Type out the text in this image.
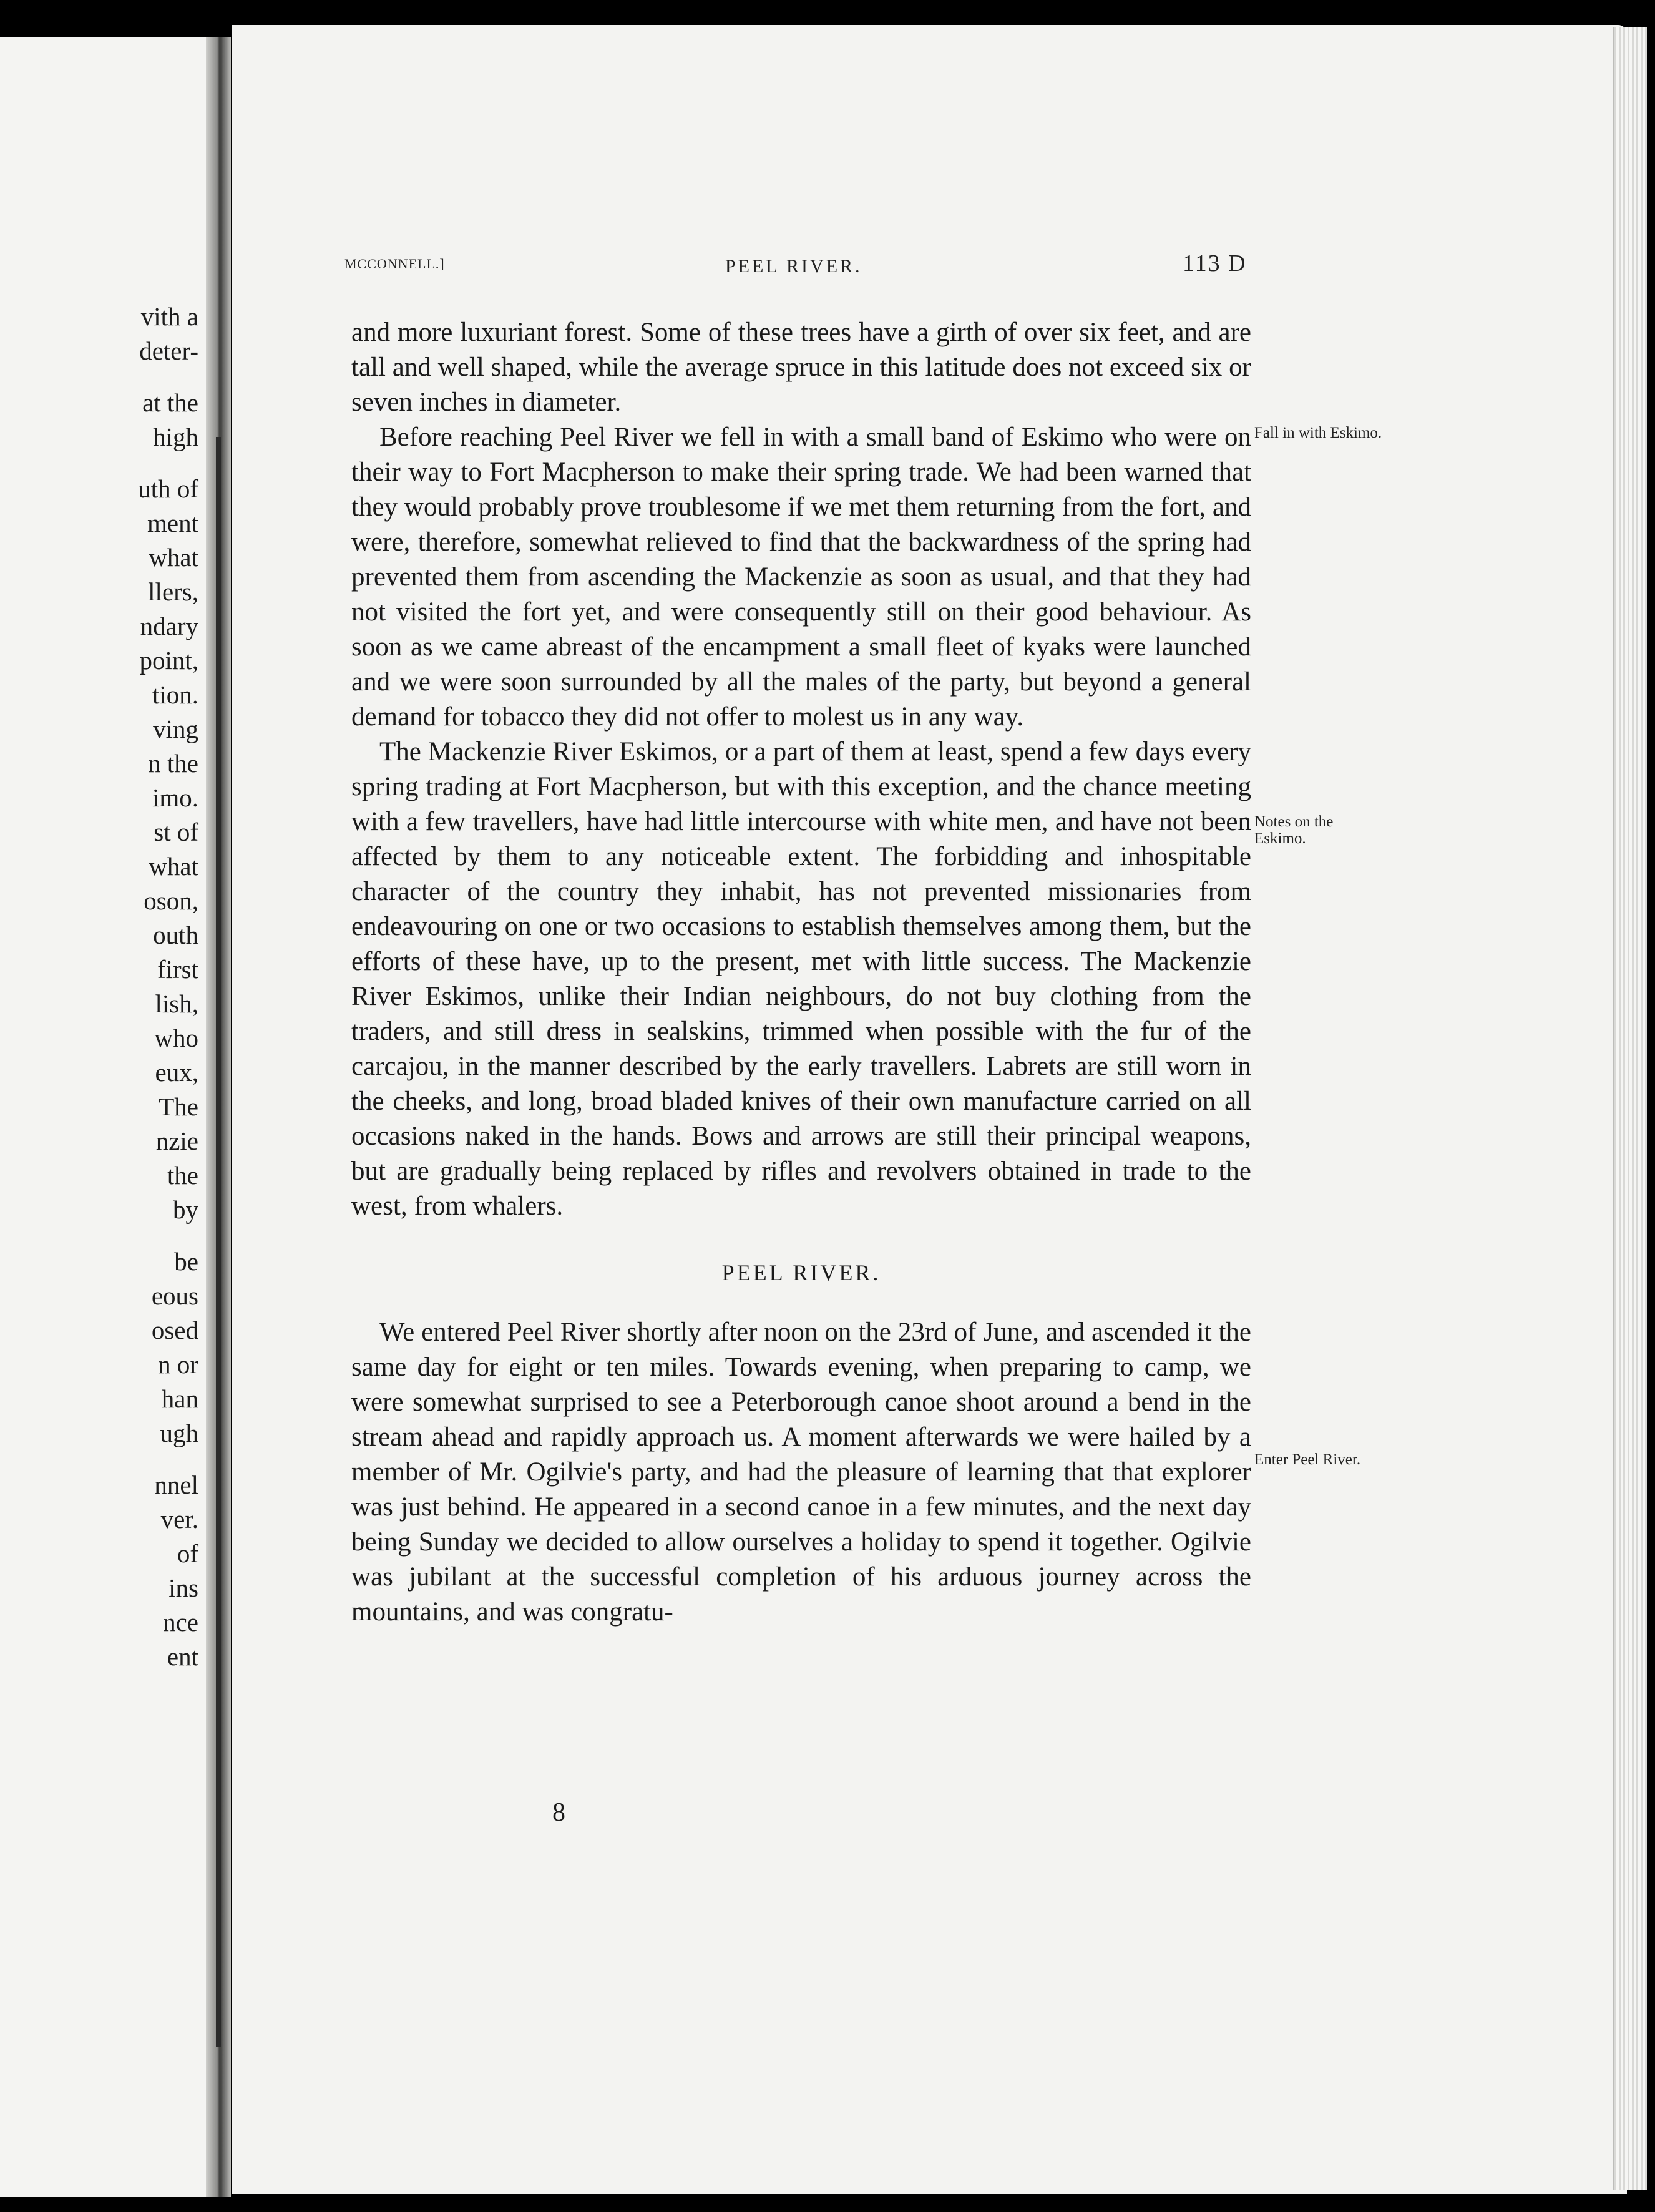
vith a
deter-
at the
high
uth of
ment
what
llers,
ndary
point,
tion.
ving
n the
imo.
st of
what
oson,
outh
first
lish,
who
eux,
The
nzie
the
by
be
eous
osed
n or
han
ugh
nnel
ver.
of
ins
nce
ent
MCCONNELL.]	PEEL RIVER.	113 D

and more luxuriant forest. Some of these trees have a girth of over six feet, and are tall and well shaped, while the average spruce in this latitude does not exceed six or seven inches in diameter.

Before reaching Peel River we fell in with a small band of Eskimo who were on their way to Fort Macpherson to make their spring trade. We had been warned that they would probably prove troublesome if we met them returning from the fort, and were, therefore, somewhat relieved to find that the backwardness of the spring had prevented them from ascending the Mackenzie as soon as usual, and that they had not visited the fort yet, and were consequently still on their good behaviour. As soon as we came abreast of the encampment a small fleet of kyaks were launched and we were soon surrounded by all the males of the party, but beyond a general demand for tobacco they did not offer to molest us in any way.

The Mackenzie River Eskimos, or a part of them at least, spend a few days every spring trading at Fort Macpherson, but with this exception, and the chance meeting with a few travellers, have had little intercourse with white men, and have not been affected by them to any noticeable extent. The forbidding and inhospitable character of the country they inhabit, has not prevented missionaries from endeavouring on one or two occasions to establish themselves among them, but the efforts of these have, up to the present, met with little success. The Mackenzie River Eskimos, unlike their Indian neighbours, do not buy clothing from the traders, and still dress in sealskins, trimmed when possible with the fur of the carcajou, in the manner described by the early travellers. Labrets are still worn in the cheeks, and long, broad bladed knives of their own manufacture carried on all occasions naked in the hands. Bows and arrows are still their principal weapons, but are gradually being replaced by rifles and revolvers obtained in trade to the west, from whalers.

PEEL RIVER.

We entered Peel River shortly after noon on the 23rd of June, and ascended it the same day for eight or ten miles. Towards evening, when preparing to camp, we were somewhat surprised to see a Peterborough canoe shoot around a bend in the stream ahead and rapidly approach us. A moment afterwards we were hailed by a member of Mr. Ogilvie's party, and had the pleasure of learning that that explorer was just behind. He appeared in a second canoe in a few minutes, and the next day being Sunday we decided to allow ourselves a holiday to spend it together. Ogilvie was jubilant at the successful completion of his arduous journey across the mountains, and was congratu-

Fall in with Eskimo.
Notes on the Eskimo.
Enter Peel River.
8
